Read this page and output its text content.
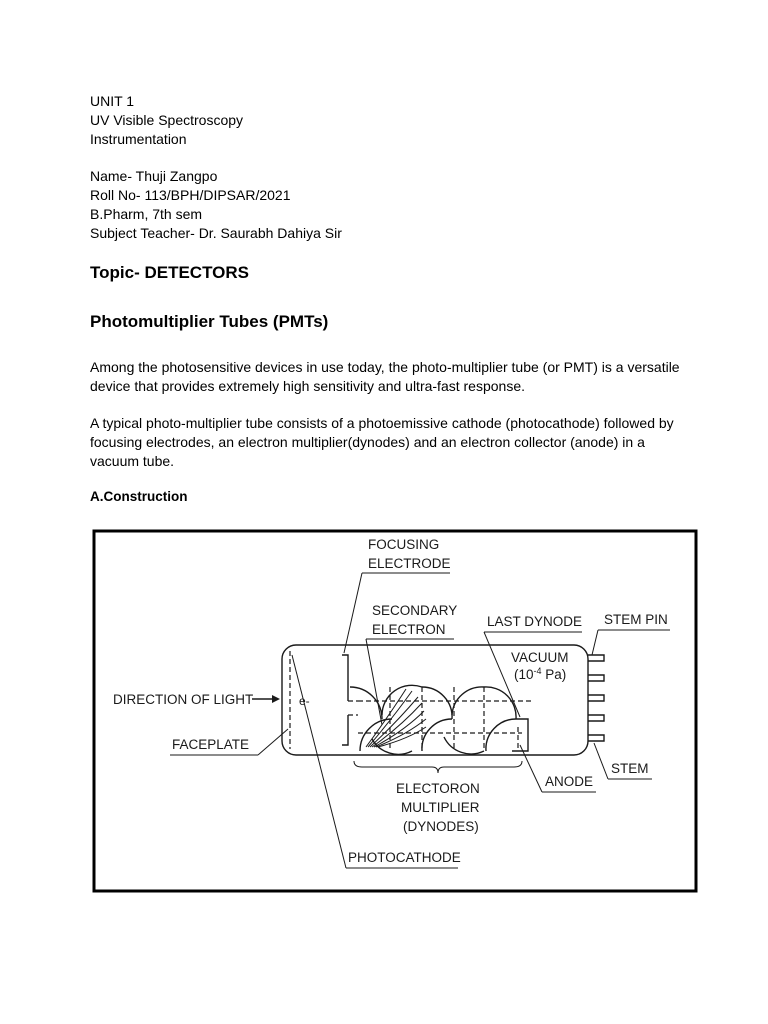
UNIT 1
UV Visible Spectroscopy
Instrumentation
Name- Thuji Zangpo
Roll No- 113/BPH/DIPSAR/2021
B.Pharm, 7th sem
Subject Teacher- Dr. Saurabh Dahiya Sir
Topic- DETECTORS
Photomultiplier Tubes (PMTs)
Among the photosensitive devices in use today, the photo-multiplier tube (or PMT) is a versatile device that provides extremely high sensitivity and ultra-fast response.
A typical photo-multiplier tube consists of a photoemissive cathode (photocathode) followed by focusing electrodes, an electron multiplier(dynodes) and an electron collector (anode) in a vacuum tube.
A.Construction
DIRECTION OF LIGHT	e-
FOCUSING
ELECTRODE
SECONDARY
ELECTRON
LAST DYNODE STEM PIN
VACUUM
($10^{-4}$ Pa)
FACEPLATE
ANODE
STEM
ELECTORON
MULTIPLIER
(DYNODES)
PHOTOCATHODE
